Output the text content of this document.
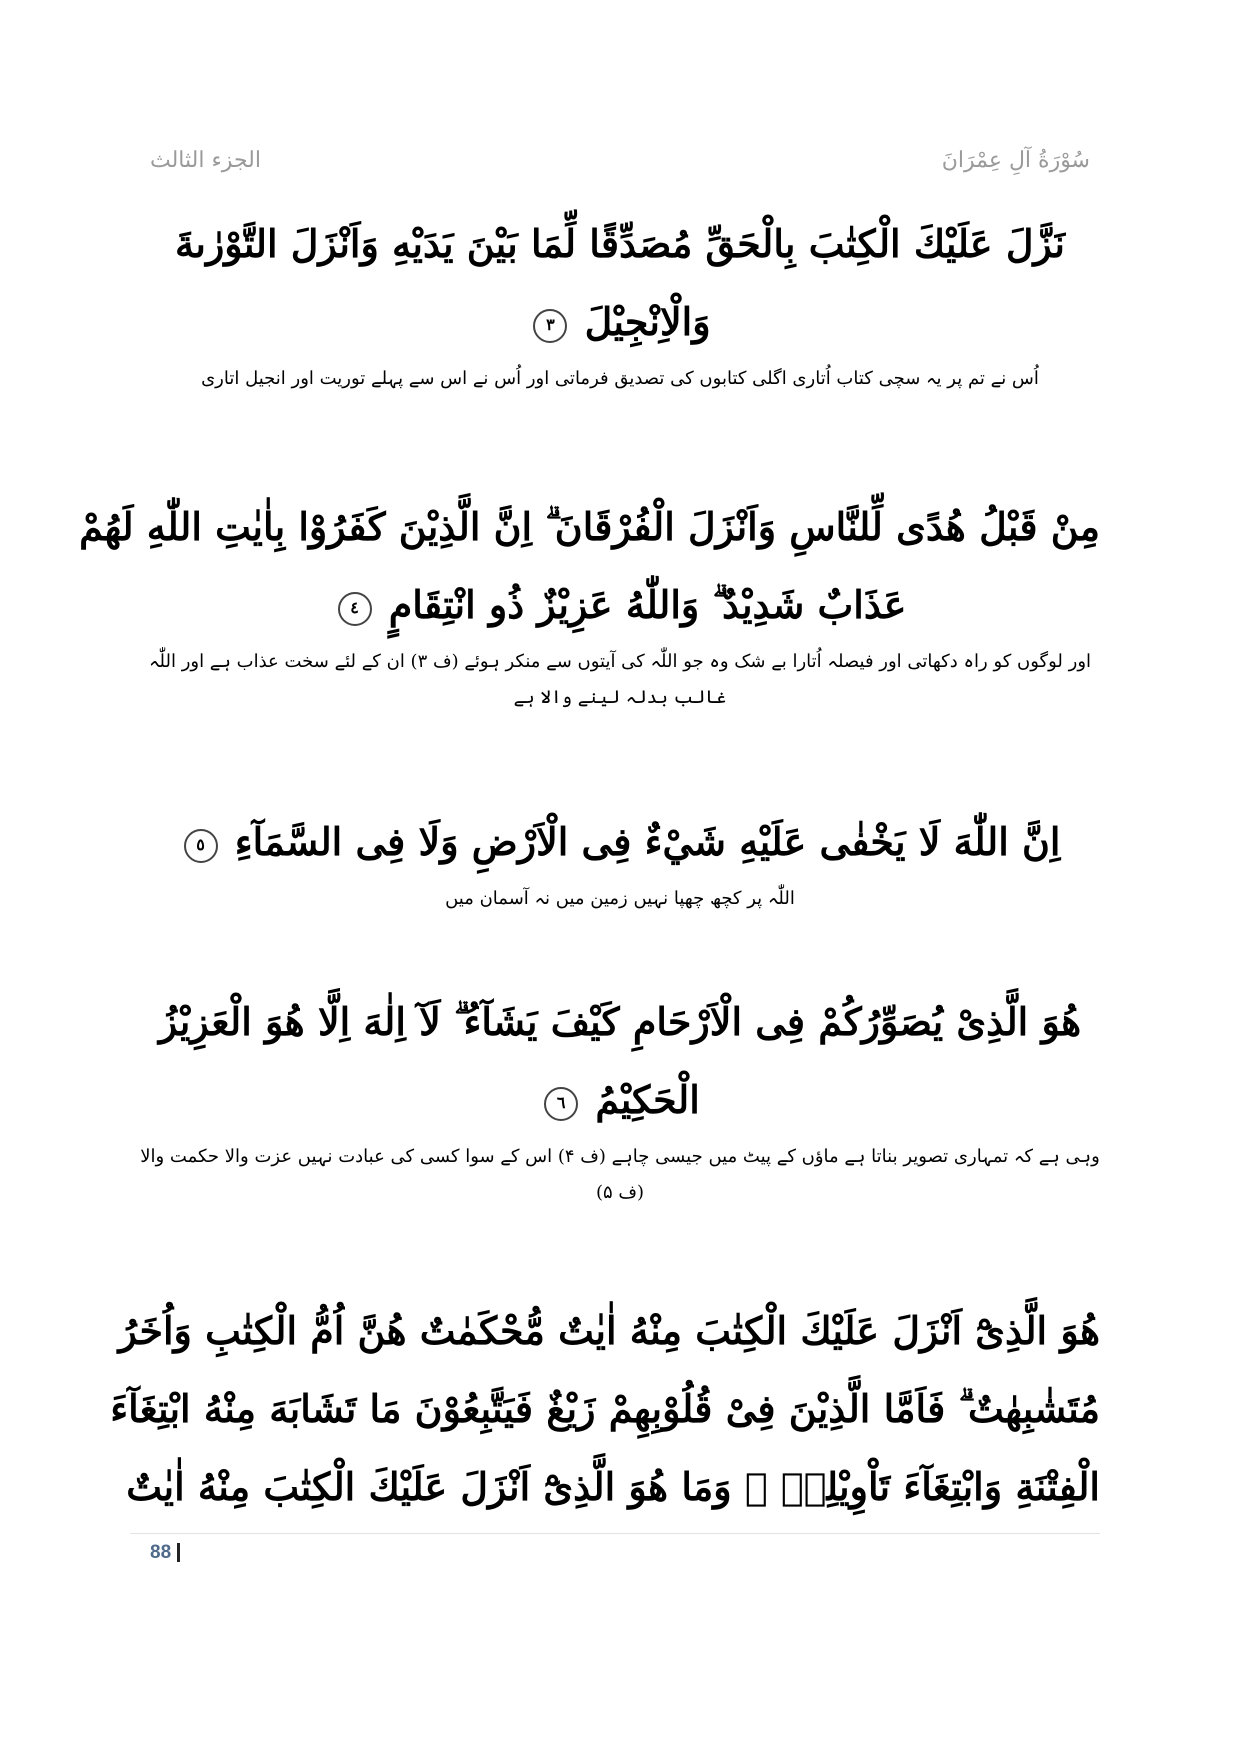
سُوْرَةُ آلِ عِمْرَانَ
الجزء الثالث
نَزَّلَ عَلَيْكَ الْكِتٰبَ بِالْحَقِّ مُصَدِّقًا لِّمَا بَيْنَ يَدَيْهِ وَاَنْزَلَ التَّوْرٰىةَ
وَالْاِنْجِيْلَ ٣
اُس نے تم پر یہ سچی کتاب اُتاری اگلی کتابوں کی تصدیق فرماتی اور اُس نے اس سے پہلے توریت اور انجیل اتاری
مِنْ قَبْلُ هُدًى لِّلنَّاسِ وَاَنْزَلَ الْفُرْقَانَ ۗ اِنَّ الَّذِيْنَ كَفَرُوْا بِاٰيٰتِ اللّٰهِ لَهُمْ
عَذَابٌ شَدِيْدٌ ۗ وَاللّٰهُ عَزِيْزٌ ذُو انْتِقَامٍ ٤
اور لوگوں کو راہ دکھاتی اور فیصلہ اُتارا بے شک وہ جو اللّٰہ کی آیتوں سے منکر ہوئے (ف ۳) ان کے لئے سخت عذاب ہے اور اللّٰہ
غالب بدلہ لینے والا ہے
اِنَّ اللّٰهَ لَا يَخْفٰى عَلَيْهِ شَيْءٌ فِى الْاَرْضِ وَلَا فِى السَّمَآءِ ٥
اللّٰہ پر کچھ چھپا نہیں زمین میں نہ آسمان میں
هُوَ الَّذِىْ يُصَوِّرُكُمْ فِى الْاَرْحَامِ كَيْفَ يَشَآءُ ۗ لَآ اِلٰهَ اِلَّا هُوَ الْعَزِيْزُ
الْحَكِيْمُ ٦
وہی ہے کہ تمہاری تصویر بناتا ہے ماؤں کے پیٹ میں جیسی چاہے (ف ۴) اس کے سوا کسی کی عبادت نہیں عزت والا حکمت والا
(ف ۵)
هُوَ الَّذِىْٓ اَنْزَلَ عَلَيْكَ الْكِتٰبَ مِنْهُ اٰيٰتٌ مُّحْكَمٰتٌ هُنَّ اُمُّ الْكِتٰبِ وَاُخَرُ
مُتَشٰبِهٰتٌ ۗ فَاَمَّا الَّذِيْنَ فِىْ قُلُوْبِهِمْ زَيْغٌ فَيَتَّبِعُوْنَ مَا تَشَابَهَ مِنْهُ ابْتِغَآءَ
الْفِتْنَةِ وَابْتِغَآءَ تَاْوِيْلِهٖ ۚ وَمَا هُوَ الَّذِىْٓ اَنْزَلَ عَلَيْكَ الْكِتٰبَ مِنْهُ اٰيٰتٌ
88
